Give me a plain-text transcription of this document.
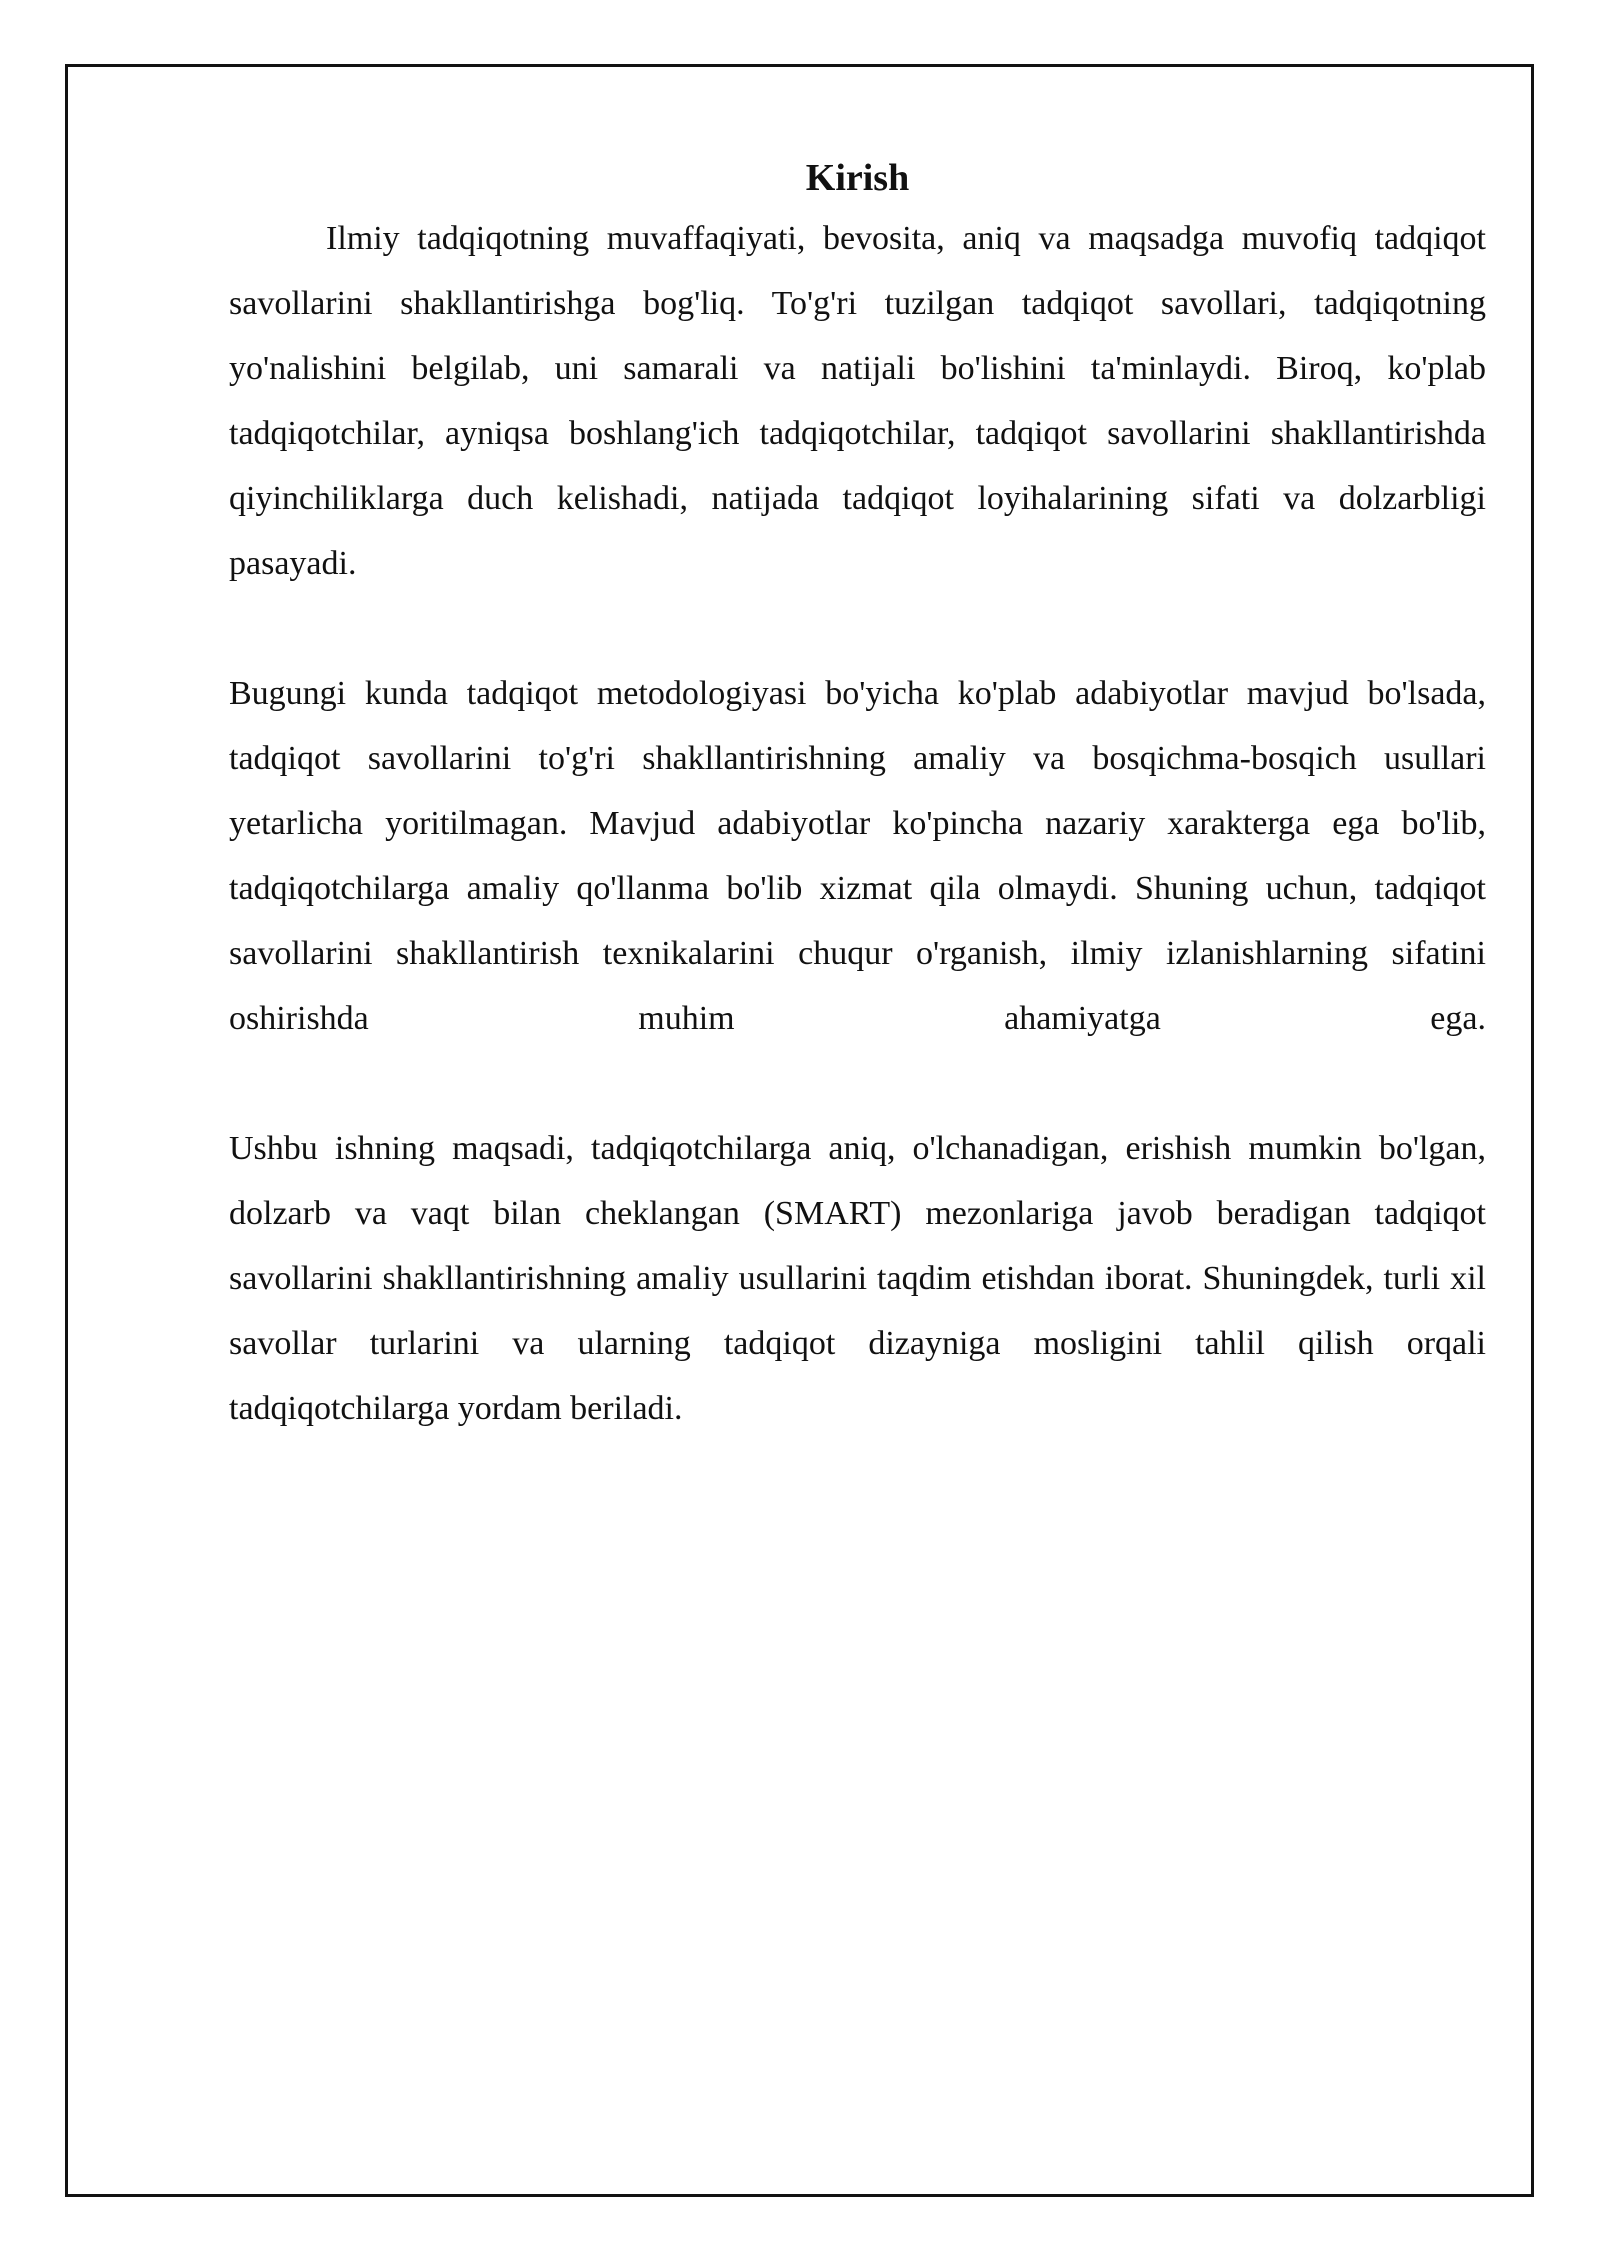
Kirish

Ilmiy tadqiqotning muvaffaqiyati, bevosita, aniq va maqsadga muvofiq tadqiqot savollarini shakllantirishga bog'liq. To'g'ri tuzilgan tadqiqot savollari, tadqiqotning yo'nalishini belgilab, uni samarali va natijali bo'lishini ta'minlaydi. Biroq, ko'plab tadqiqotchilar, ayniqsa boshlang'ich tadqiqotchilar, tadqiqot savollarini shakllantirishda qiyinchiliklarga duch kelishadi, natijada tadqiqot loyihalarining sifati va dolzarbligi pasayadi.

Bugungi kunda tadqiqot metodologiyasi bo'yicha ko'plab adabiyotlar mavjud bo'lsada, tadqiqot savollarini to'g'ri shakllantirishning amaliy va bosqichma-bosqich usullari yetarlicha yoritilmagan. Mavjud adabiyotlar ko'pincha nazariy xarakterga ega bo'lib, tadqiqotchilarga amaliy qo'llanma bo'lib xizmat qila olmaydi. Shuning uchun, tadqiqot savollarini shakllantirish texnikalarini chuqur o'rganish, ilmiy izlanishlarning sifatini oshirishda muhim ahamiyatga ega.

Ushbu ishning maqsadi, tadqiqotchilarga aniq, o'lchanadigan, erishish mumkin bo'lgan, dolzarb va vaqt bilan cheklangan (SMART) mezonlariga javob beradigan tadqiqot savollarini shakllantirishning amaliy usullarini taqdim etishdan iborat. Shuningdek, turli xil savollar turlarini va ularning tadqiqot dizayniga mosligini tahlil qilish orqali tadqiqotchilarga yordam beriladi.
